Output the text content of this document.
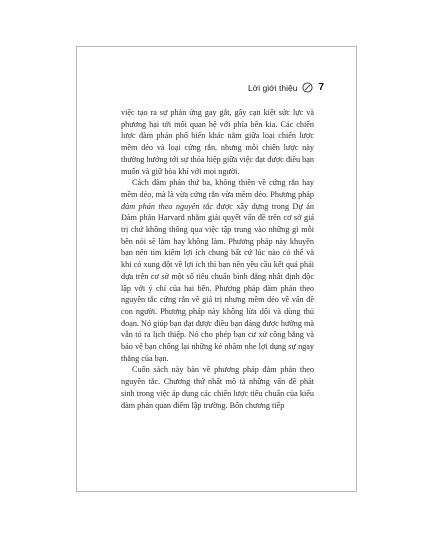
Lời giới thiệu 7

việc tạo ra sự phản ứng gay gắt, gây cạn kiệt sức lực và phương hại tới mối quan hệ với phía bên kia. Các chiến lược đàm phán phổ biến khác nằm giữa loại chiến lược mềm dẻo và loại cứng rắn, nhưng mỗi chiến lược này thường hướng tới sự thỏa hiệp giữa việc đạt được điều bạn muốn và giữ hòa khí với mọi người.

Cách đàm phán thứ ba, không thiên về cứng rắn hay mềm dẻo, mà là vừa cứng rắn vừa mềm dẻo. Phương pháp đàm phán theo nguyên tắc được xây dựng trong Dự án Đàm phán Harvard nhằm giải quyết vấn đề trên cơ sở giá trị chứ không thông qua việc tập trung vào những gì mỗi bên nói sẽ làm hay không làm. Phương pháp này khuyên bạn nên tìm kiếm lợi ích chung bất cứ lúc nào có thể và khi có xung đột về lợi ích thì bạn nên yêu cầu kết quả phải dựa trên cơ sở một số tiêu chuẩn bình đẳng nhất định độc lập với ý chí của hai bên. Phương pháp đàm phán theo nguyên tắc cứng rắn về giá trị nhưng mềm dẻo về vấn đề con người. Phương pháp này không lừa dối và dùng thủ đoạn. Nó giúp bạn đạt được điều bạn đáng được hưởng mà vẫn tỏ ra lịch thiệp. Nó cho phép bạn cư xử công bằng và bảo vệ bạn chống lại những kẻ nhăm nhe lợi dụng sự ngay thẳng của bạn.

Cuốn sách này bàn về phương pháp đàm phán theo nguyên tắc. Chương thứ nhất mô tả những vấn đề phát sinh trong việc áp dụng các chiến lược tiêu chuẩn của kiểu đàm phán quan điểm lập trường. Bốn chương tiếp
